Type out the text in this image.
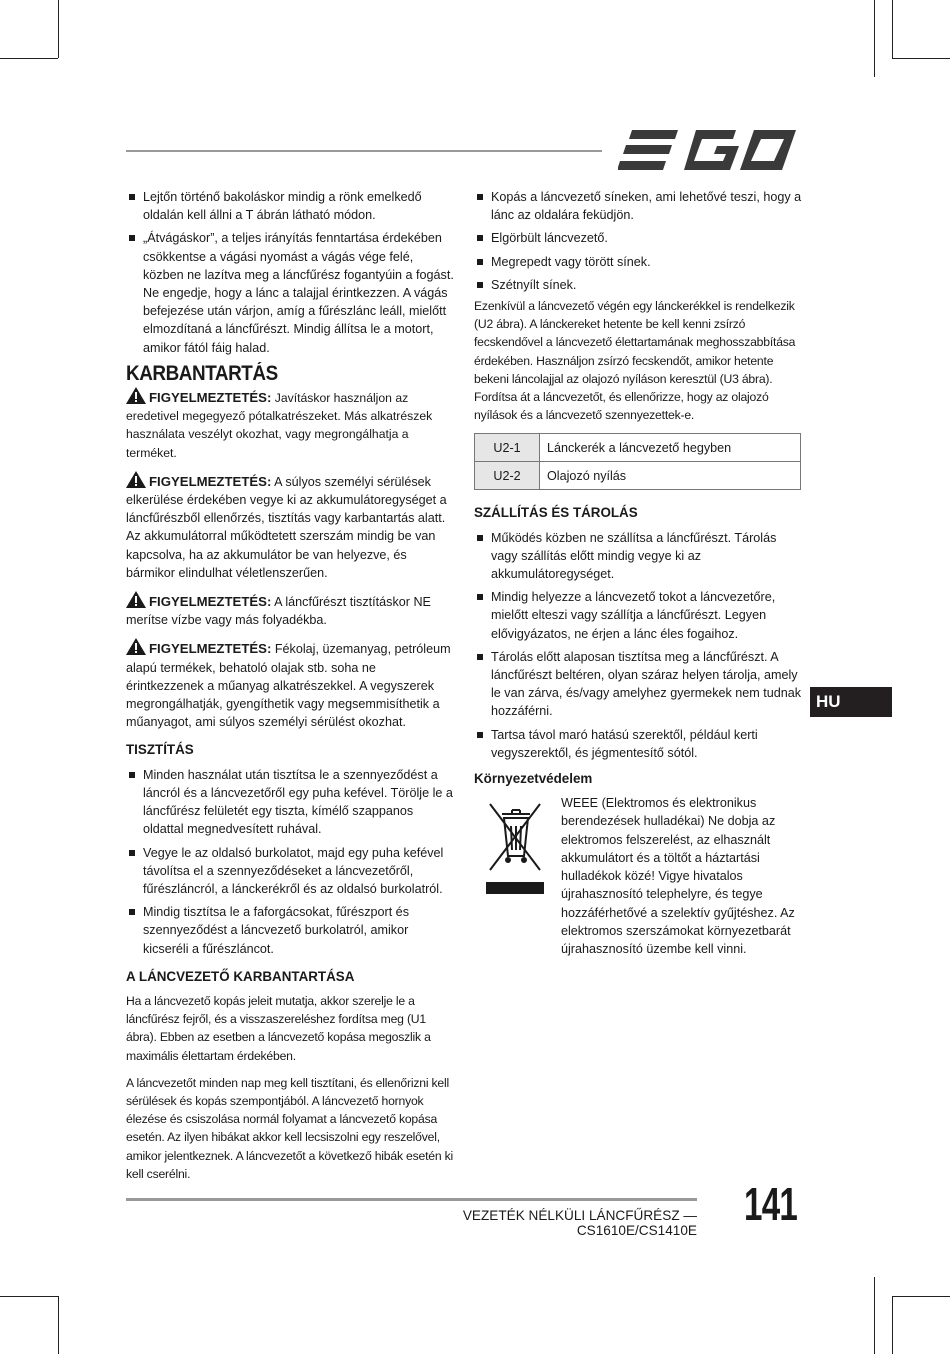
Lejtőn történő bakoláskor mindig a rönk emelkedő oldalán kell állni a T ábrán látható módon.
„Átvágáskor”, a teljes irányítás fenntartása érdekében csökkentse a vágási nyomást a vágás vége felé, közben ne lazítva meg a láncfűrész fogantyúin a fogást. Ne engedje, hogy a lánc a talajjal érintkezzen. A vágás befejezése után várjon, amíg a fűrészlánc leáll, mielőtt elmozdítaná a láncfűrészt. Mindig állítsa le a motort, amikor fától fáig halad.
KARBANTARTÁS

FIGYELMEZTETÉS: Javításkor használjon az eredetivel megegyező pótalkatrészeket. Más alkatrészek használata veszélyt okozhat, vagy megrongálhatja a terméket.

FIGYELMEZTETÉS: A súlyos személyi sérülések elkerülése érdekében vegye ki az akkumulátoregységet a láncfűrészből ellenőrzés, tisztítás vagy karbantartás alatt. Az akkumulátorral működtetett szerszám mindig be van kapcsolva, ha az akkumulátor be van helyezve, és bármikor elindulhat véletlenszerűen.

FIGYELMEZTETÉS: A láncfűrészt tisztításkor NE merítse vízbe vagy más folyadékba.

FIGYELMEZTETÉS: Fékolaj, üzemanyag, petróleum alapú termékek, behatoló olajak stb. soha ne érintkezzenek a műanyag alkatrészekkel. A vegyszerek megrongálhatják, gyengíthetik vagy megsemmisíthetik a műanyagot, ami súlyos személyi sérülést okozhat.

TISZTÍTÁS
Minden használat után tisztítsa le a szennyeződést a láncról és a láncvezetőről egy puha kefével. Törölje le a láncfűrész felületét egy tiszta, kímélő szappanos oldattal megnedvesített ruhával.
Vegye le az oldalsó burkolatot, majd egy puha kefével távolítsa el a szennyeződéseket a láncvezetőről, fűrészláncról, a lánckerékről és az oldalsó burkolatról.
Mindig tisztítsa le a faforgácsokat, fűrészport és szennyeződést a láncvezető burkolatról, amikor kicseréli a fűrészláncot.
A LÁNCVEZETŐ KARBANTARTÁSA

Ha a láncvezető kopás jeleit mutatja, akkor szerelje le a láncfűrész fejről, és a visszaszereléshez fordítsa meg (U1 ábra). Ebben az esetben a láncvezető kopása megoszlik a maximális élettartam érdekében.

A láncvezetőt minden nap meg kell tisztítani, és ellenőrizni kell sérülések és kopás szempontjából. A láncvezető hornyok élezése és csiszolása normál folyamat a láncvezető kopása esetén. Az ilyen hibákat akkor kell lecsiszolni egy reszelővel, amikor jelentkeznek. A láncvezetőt a következő hibák esetén ki kell cserélni.

Kopás a láncvezető síneken, ami lehetővé teszi, hogy a lánc az oldalára feküdjön.
Elgörbült láncvezető.
Megrepedt vagy törött sínek.
Szétnyílt sínek.

Ezenkívül a láncvezető végén egy lánckerékkel is rendelkezik (U2 ábra). A lánckereket hetente be kell kenni zsírzó fecskendővel a láncvezető élettartamának meghosszabbítása érdekében. Használjon zsírzó fecskendőt, amikor hetente bekeni láncolajjal az olajozó nyíláson keresztül (U3 ábra). Fordítsa át a láncvezetőt, és ellenőrizze, hogy az olajozó nyílások és a láncvezető szennyezettek-e.

U2-1	Lánckerék a láncvezető hegyben
U2-2	Olajozó nyílás
SZÁLLÍTÁS ÉS TÁROLÁS
Működés közben ne szállítsa a láncfűrészt. Tárolás vagy szállítás előtt mindig vegye ki az akkumulátoregységet.
Mindig helyezze a láncvezető tokot a láncvezetőre, mielőtt elteszi vagy szállítja a láncfűrészt. Legyen elővigyázatos, ne érjen a lánc éles fogaihoz.
Tárolás előtt alaposan tisztítsa meg a láncfűrészt. A láncfűrészt beltéren, olyan száraz helyen tárolja, amely le van zárva, és/vagy amelyhez gyermekek nem tudnak hozzáférni.
Tartsa távol maró hatású szerektől, például kerti vegyszerektől, és jégmentesítő sótól.
Környezetvédelem

WEEE (Elektromos és elektronikus berendezések hulladékai) Ne dobja az elektromos felszerelést, az elhasznált akkumulátort és a töltőt a háztartási hulladékok közé! Vigye hivatalos újrahasznosító telephelyre, és tegye hozzáférhetővé a szelektív gyűjtéshez. Az elektromos szerszámokat környezetbarát újrahasznosító üzembe kell vinni.

HU
VEZETÉK NÉLKÜLI LÁNCFŰRÉSZ — CS1610E/CS1410E
141
